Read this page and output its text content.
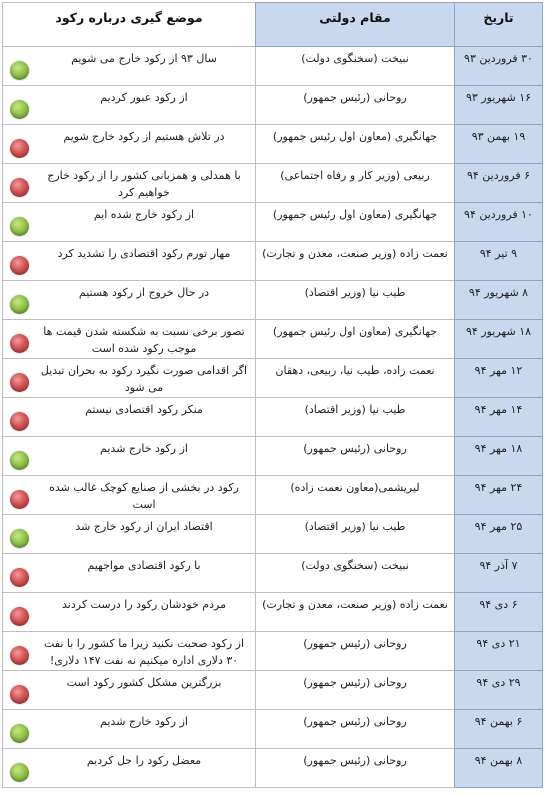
تاریخ	مقام دولتی	موضع گیری درباره رکود
۳۰ فروردین ۹۳	نبیخت (سخنگوی دولت)	سال ۹۳ از رکود خارج می شویم

۱۶ شهریور ۹۳	روحانی (رئیس جمهور)	از رکود عبور کردیم

۱۹ بهمن ۹۳	جهانگیری (معاون اول رئیس جمهور)	در تلاش هستیم از رکود خارج شویم

۶ فروردین ۹۴	ربیعی (وزیر کار و رفاه اجتماعی)	با همدلی و همزبانی کشور را از رکود خارج خواهیم کرد

۱۰ فروردین ۹۴	جهانگیری (معاون اول رئیس جمهور)	از رکود خارج شده ایم

۹ تیر ۹۴	نعمت زاده (وزیر صنعت، معدن و تجارت)	مهار تورم رکود اقتصادی را تشدید کرد

۸ شهریور ۹۴	طیب نیا (وزیر اقتصاد)	در حال خروج از رکود هستیم

۱۸ شهریور ۹۴	جهانگیری (معاون اول رئیس جمهور)	تصور برخی نسبت به شکسته شدن قیمت ها موجب رکود شده است

۱۲ مهر ۹۴	نعمت زاده، طیب نیا، ربیعی، دهقان	اگر اقدامی صورت نگیرد رکود به بحران تبدیل می شود

۱۴ مهر ۹۴	طیب نیا (وزیر اقتصاد)	منکر رکود اقتصادی نیستم

۱۸ مهر ۹۴	روحانی (رئیس جمهور)	از رکود خارج شدیم

۲۴ مهر ۹۴	لیریشمی(معاون نعمت زاده)	رکود در بخشی از صنایع کوچک غالب شده است

۲۵ مهر ۹۴	طیب نیا (وزیر اقتصاد)	اقتصاد ایران از رکود خارج شد

۷ آذر ۹۴	نبیخت (سخنگوی دولت)	با رکود اقتصادی مواجهیم

۶ دی ۹۴	نعمت زاده (وزیر صنعت، معدن و تجارت)	مردم خودشان رکود را درست کردند

۲۱ دی ۹۴	روحانی (رئیس جمهور)	از رکود صحبت نکنید زیرا ما کشور را با نفت ۳۰ دلاری اداره میکنیم نه نفت ۱۴۷ دلاری!

۲۹ دی ۹۴	روحانی (رئیس جمهور)	بزرگترین مشکل کشور رکود است

۶ بهمن ۹۴	روحانی (رئیس جمهور)	از رکود خارج شدیم

۸ بهمن ۹۴	روحانی (رئیس جمهور)	معضل رکود را حل کردیم
